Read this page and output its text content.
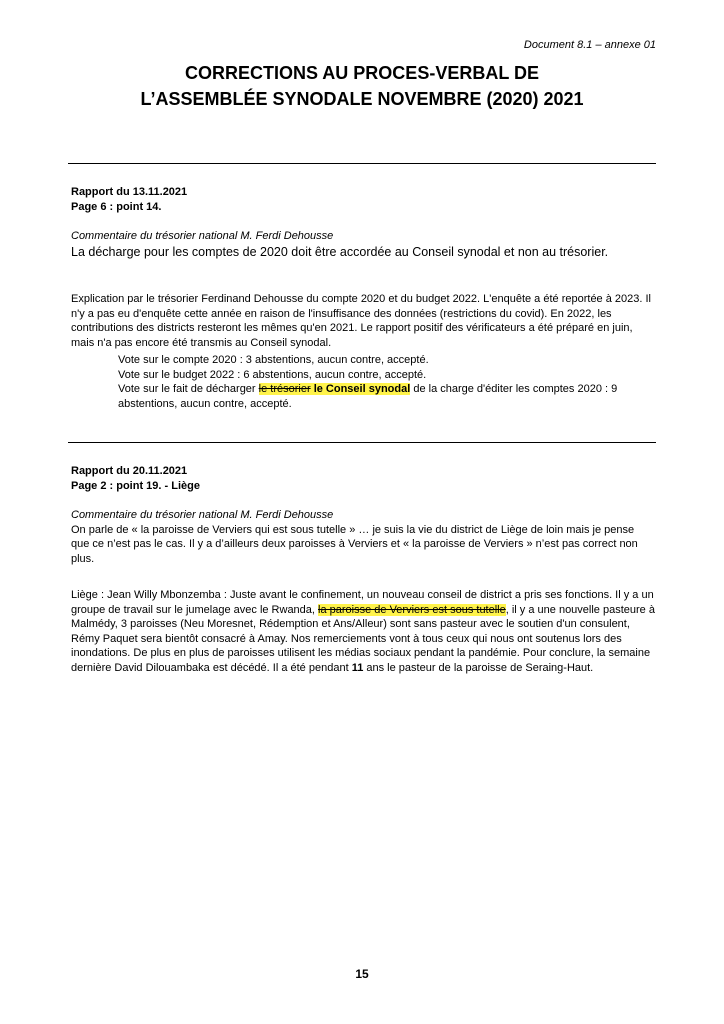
Document 8.1 – annexe 01
CORRECTIONS AU PROCES-VERBAL DE
L’ASSEMBLÉE SYNODALE NOVEMBRE (2020) 2021

Rapport du 13.11.2021

Page 6 : point 14.

Commentaire du trésorier national M. Ferdi Dehousse

La décharge pour les comptes de 2020 doit être accordée au Conseil synodal et non au trésorier.

Explication par le trésorier Ferdinand Dehousse du compte 2020 et du budget 2022. L'enquête a été reportée à 2023. Il n'y a pas eu d'enquête cette année en raison de l'insuffisance des données (restrictions du covid). En 2022, les contributions des districts resteront les mêmes qu'en 2021. Le rapport positif des vérificateurs a été préparé en juin, mais n'a pas encore été transmis au Conseil synodal.

Vote sur le compte 2020 : 3 abstentions, aucun contre, accepté.

Vote sur le budget 2022 : 6 abstentions, aucun contre, accepté.

Vote sur le fait de décharger le trésorier le Conseil synodal de la charge d'éditer les comptes 2020 : 9 abstentions, aucun contre, accepté.

Rapport du 20.11.2021

Page 2 : point 19. - Liège

Commentaire du trésorier national M. Ferdi Dehousse

On parle de « la paroisse de Verviers qui est sous tutelle » … je suis la vie du district de Liège de loin mais je pense que ce n’est pas le cas. Il y a d’ailleurs deux paroisses à Verviers et « la paroisse de Verviers » n’est pas correct non plus.

Liège : Jean Willy Mbonzemba : Juste avant le confinement, un nouveau conseil de district a pris ses fonctions. Il y a un groupe de travail sur le jumelage avec le Rwanda, la paroisse de Verviers est sous tutelle, il y a une nouvelle pasteure à Malmédy, 3 paroisses (Neu Moresnet, Rédemption et Ans/Alleur) sont sans pasteur avec le soutien d'un consulent, Rémy Paquet sera bientôt consacré à Amay. Nos remerciements vont à tous ceux qui nous ont soutenus lors des inondations. De plus en plus de paroisses utilisent les médias sociaux pendant la pandémie. Pour conclure, la semaine dernière David Dilouambaka est décédé. Il a été pendant 11 ans le pasteur de la paroisse de Seraing-Haut.

15
